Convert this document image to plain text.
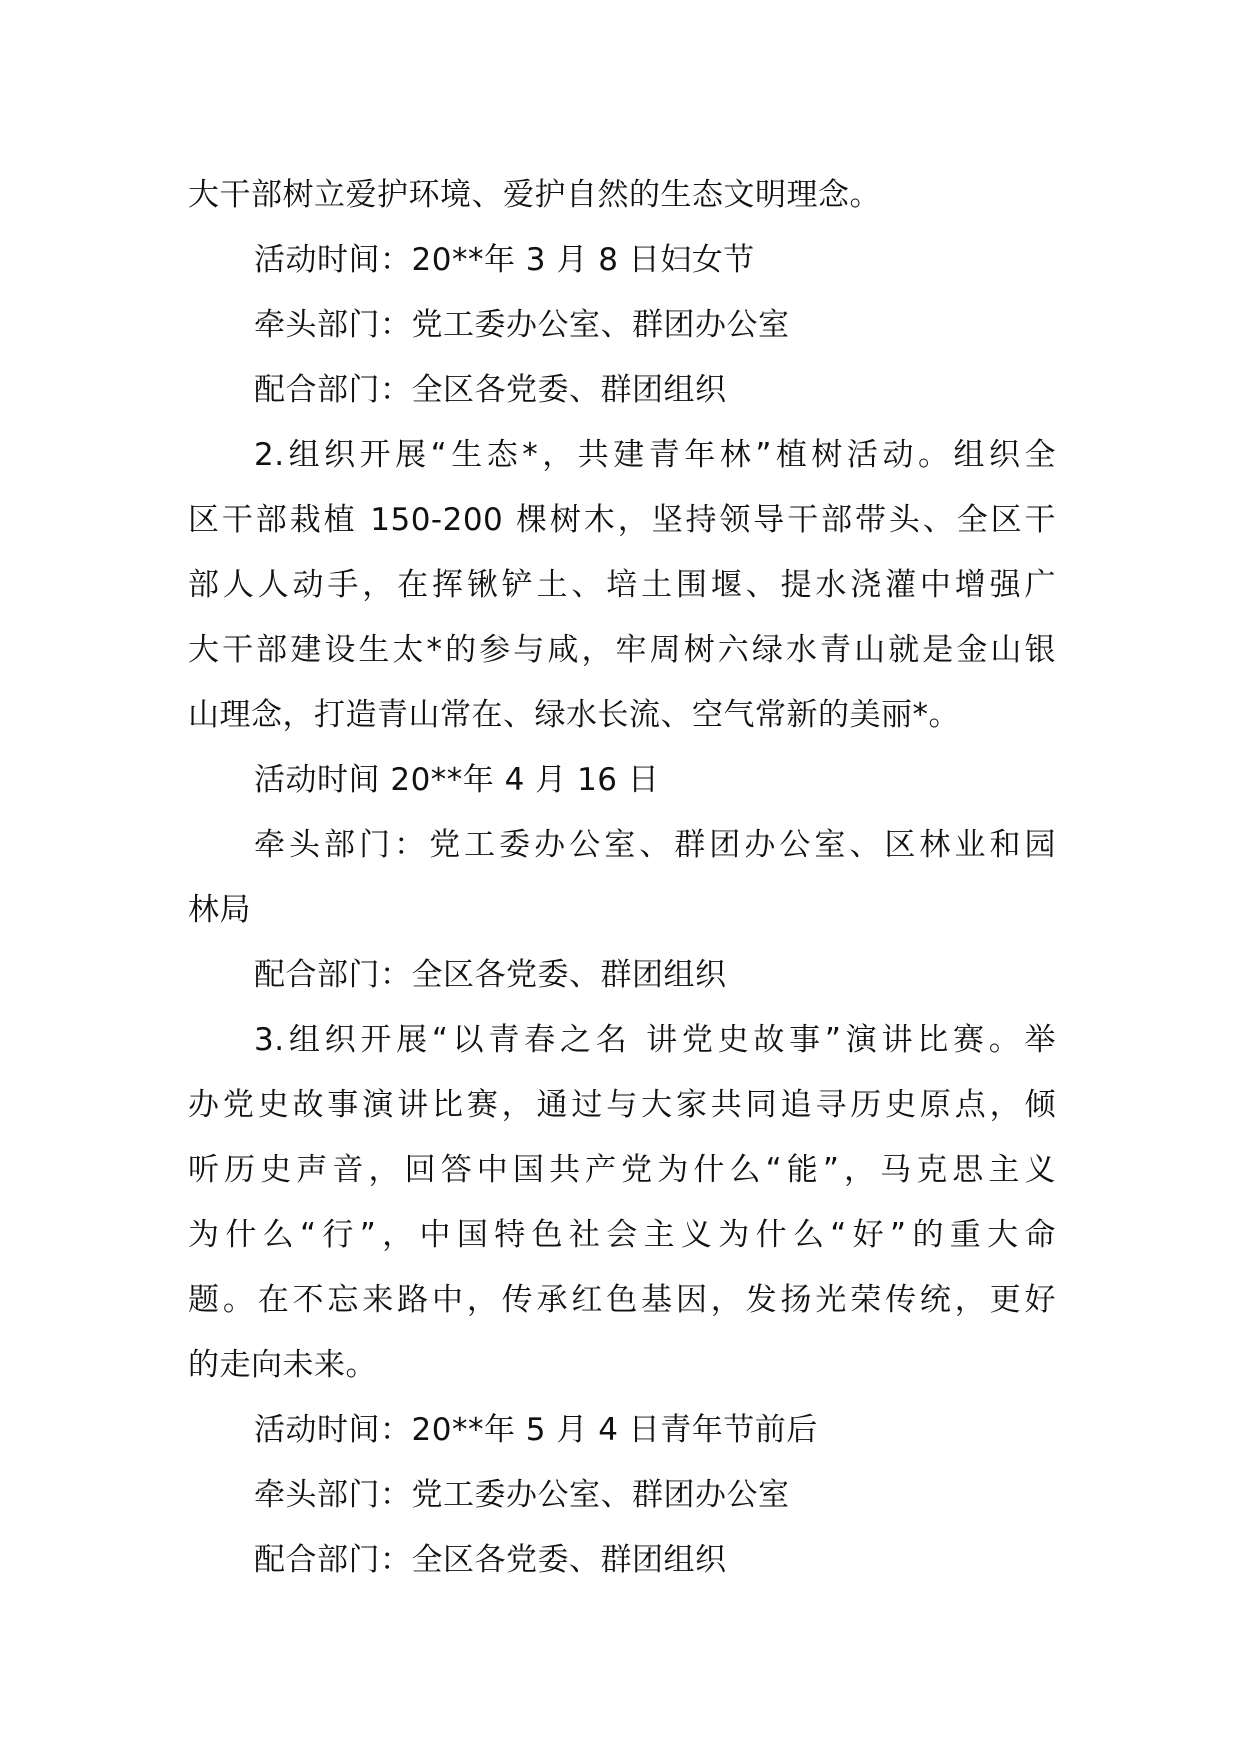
大干部树立爱护环境、爱护自然的生态文明理念。
活动时间：20**年 3 月 8 日妇女节
牵头部门：党工委办公室、群团办公室
配合部门：全区各党委、群团组织
2.组织开展“生态*，共建青年林”植树活动。组织全
区干部栽植 150-200 棵树木，坚持领导干部带头、全区干
部人人动手，在挥锹铲土、培土围堰、提水浇灌中增强广
大干部建设生太*的参与咸，牢周树六绿水青山就是金山银
山理念，打造青山常在、绿水长流、空气常新的美丽*。
活动时间 20**年 4 月 16 日
牵头部门：党工委办公室、群团办公室、区林业和园
林局
配合部门：全区各党委、群团组织
3.组织开展“以青春之名 讲党史故事”演讲比赛。举
办党史故事演讲比赛，通过与大家共同追寻历史原点，倾
听历史声音，回答中国共产党为什么“能”，马克思主义
为什么“行”，中国特色社会主义为什么“好”的重大命
题。在不忘来路中，传承红色基因，发扬光荣传统，更好
的走向未来。
活动时间：20**年 5 月 4 日青年节前后
牵头部门：党工委办公室、群团办公室
配合部门：全区各党委、群团组织
